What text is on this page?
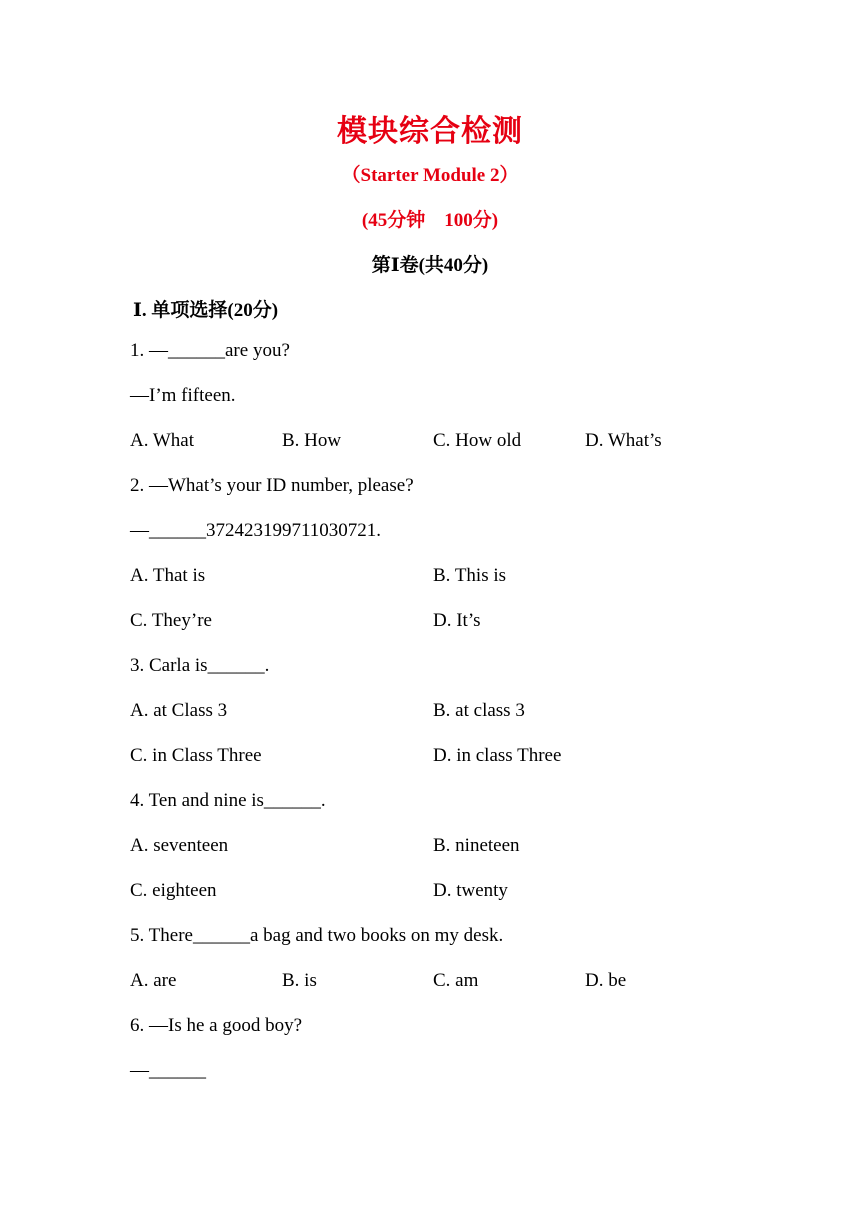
模块综合检测
（Starter Module 2）
(45分钟　100分)
第Ⅰ卷(共40分)
Ⅰ. 单项选择(20分)
1. —______are you?
—I’m fifteen.
A. What	B. How	C. How old	D. What’s
2. —What’s your ID number, please?
—______372423199711030721.
A. That is	B. This is
C. They’re	D. It’s
3. Carla is______.
A. at Class 3	B. at class 3
C. in Class Three	D. in class Three
4. Ten and nine is______.
A. seventeen	B. nineteen
C. eighteen	D. twenty
5. There______a bag and two books on my desk.
A. are	B. is	C. am	D. be
6. —Is he a good boy?
—______
